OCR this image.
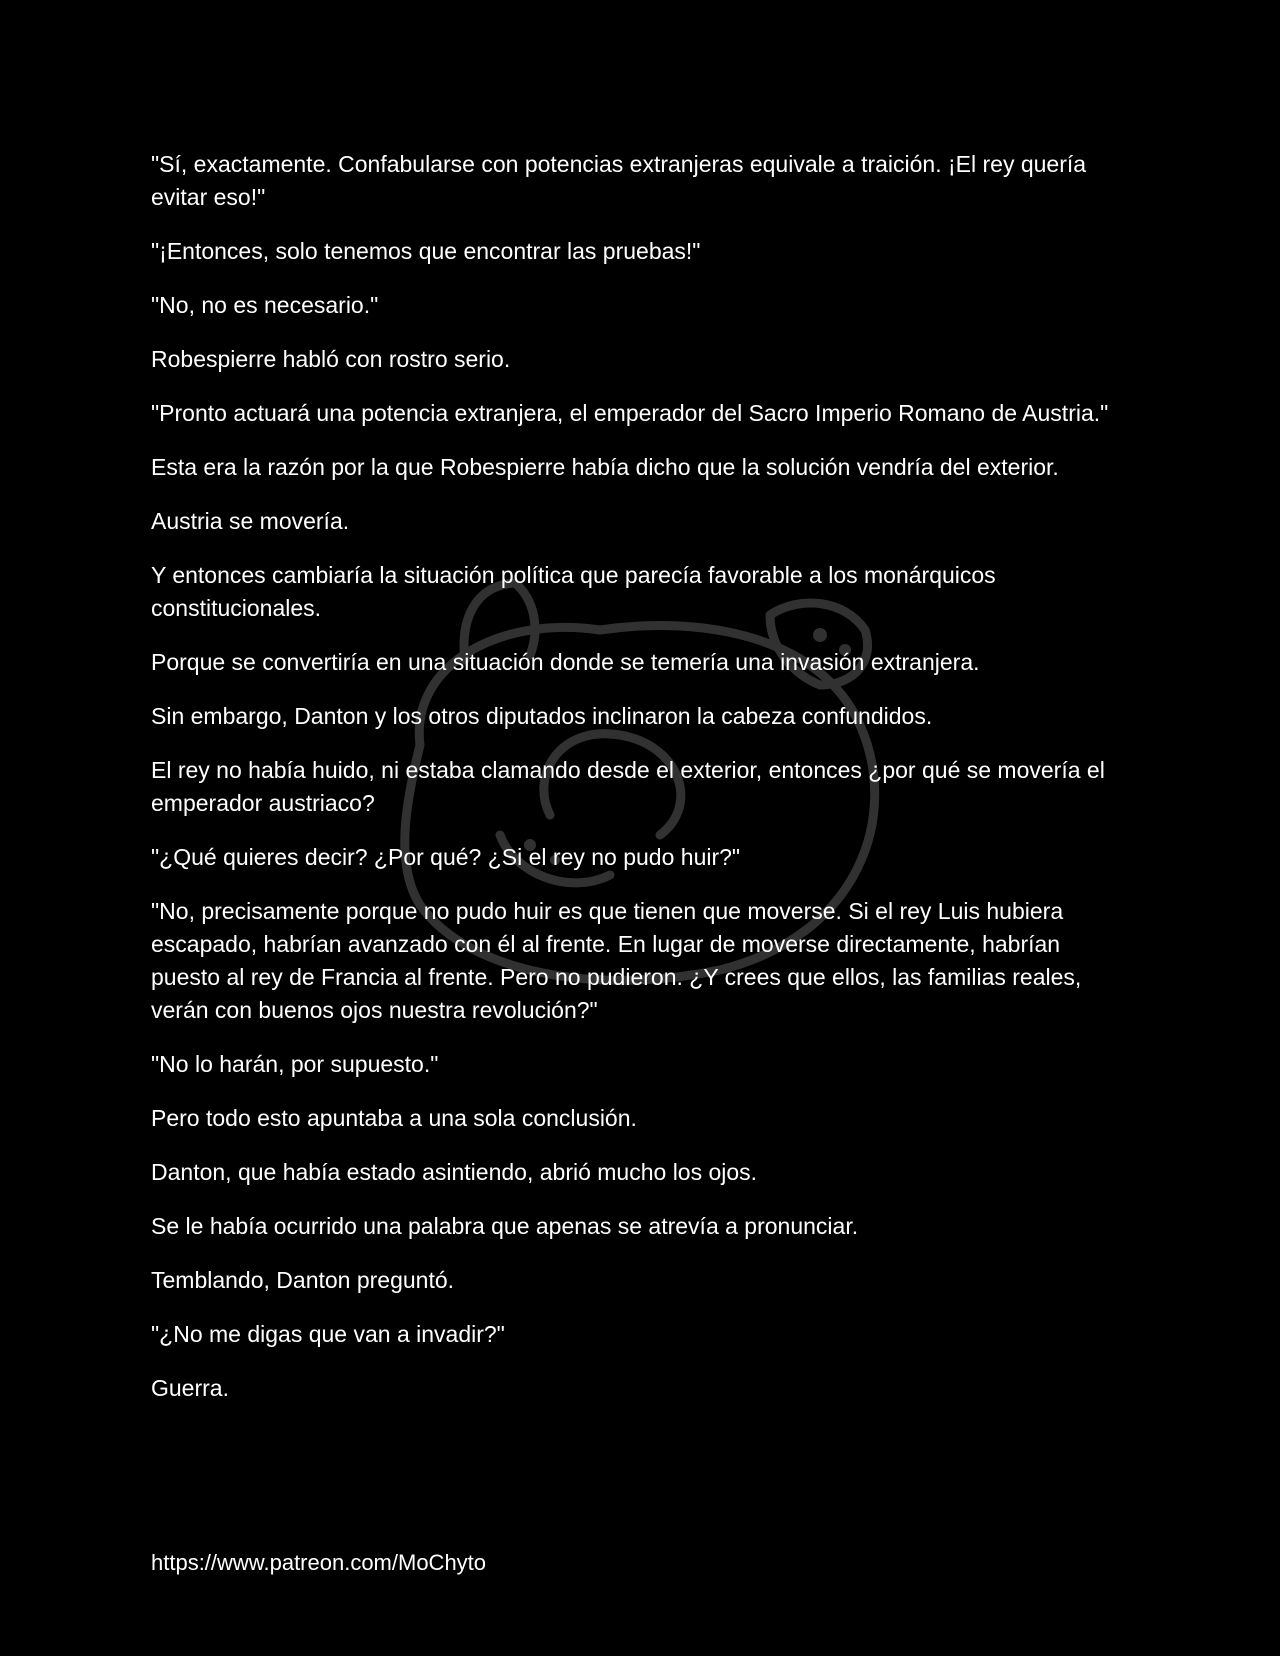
"Sí, exactamente. Confabularse con potencias extranjeras equivale a traición. ¡El rey quería evitar eso!"

"¡Entonces, solo tenemos que encontrar las pruebas!"

"No, no es necesario."

Robespierre habló con rostro serio.

"Pronto actuará una potencia extranjera, el emperador del Sacro Imperio Romano de Austria."

Esta era la razón por la que Robespierre había dicho que la solución vendría del exterior.

Austria se movería.

Y entonces cambiaría la situación política que parecía favorable a los monárquicos constitucionales.

Porque se convertiría en una situación donde se temería una invasión extranjera.

Sin embargo, Danton y los otros diputados inclinaron la cabeza confundidos.

El rey no había huido, ni estaba clamando desde el exterior, entonces ¿por qué se movería el emperador austriaco?

"¿Qué quieres decir? ¿Por qué? ¿Si el rey no pudo huir?"

"No, precisamente porque no pudo huir es que tienen que moverse. Si el rey Luis hubiera escapado, habrían avanzado con él al frente. En lugar de moverse directamente, habrían puesto al rey de Francia al frente. Pero no pudieron. ¿Y crees que ellos, las familias reales, verán con buenos ojos nuestra revolución?"

"No lo harán, por supuesto."

Pero todo esto apuntaba a una sola conclusión.

Danton, que había estado asintiendo, abrió mucho los ojos.

Se le había ocurrido una palabra que apenas se atrevía a pronunciar.

Temblando, Danton preguntó.

"¿No me digas que van a invadir?"

Guerra.

https://www.patreon.com/MoChyto
